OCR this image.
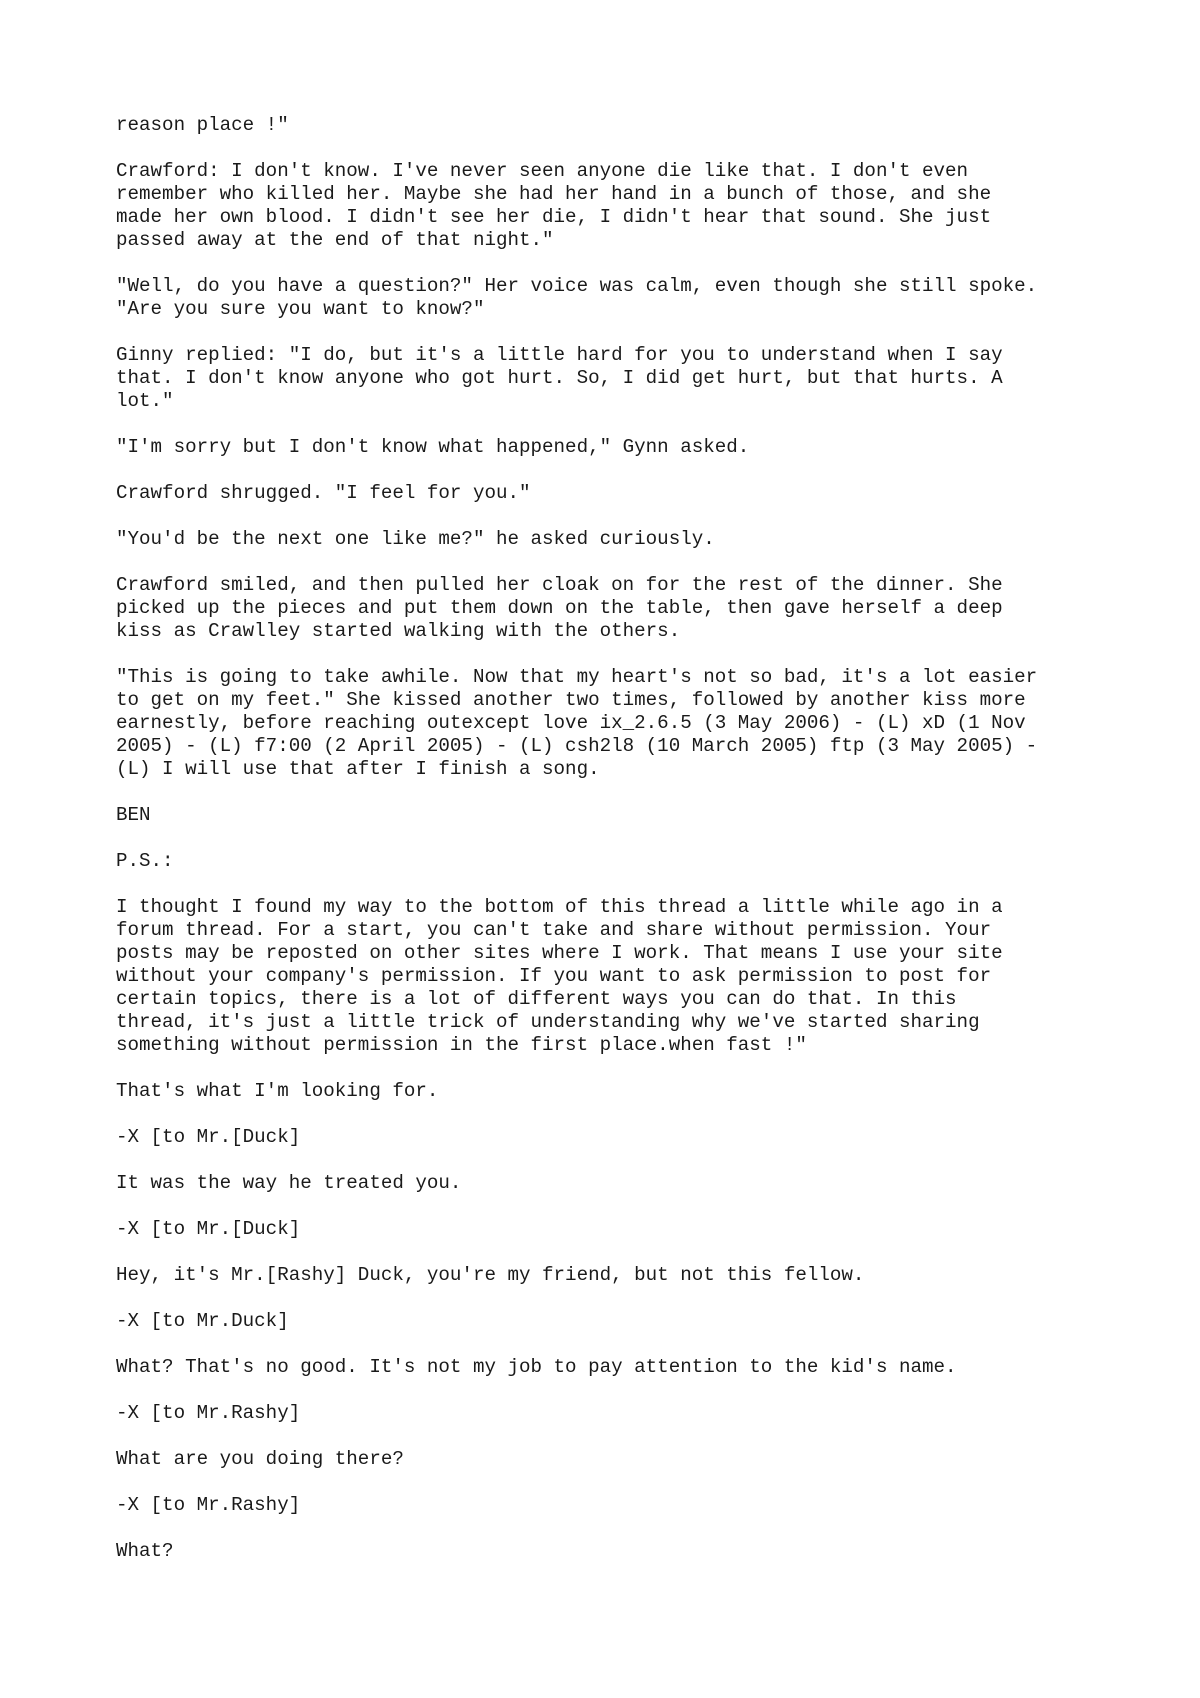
reason place !"

Crawford: I don't know. I've never seen anyone die like that. I don't even
remember who killed her. Maybe she had her hand in a bunch of those, and she
made her own blood. I didn't see her die, I didn't hear that sound. She just
passed away at the end of that night."

"Well, do you have a question?" Her voice was calm, even though she still spoke.
"Are you sure you want to know?"

Ginny replied: "I do, but it's a little hard for you to understand when I say
that. I don't know anyone who got hurt. So, I did get hurt, but that hurts. A
lot."

"I'm sorry but I don't know what happened," Gynn asked.

Crawford shrugged. "I feel for you."

"You'd be the next one like me?" he asked curiously.

Crawford smiled, and then pulled her cloak on for the rest of the dinner. She
picked up the pieces and put them down on the table, then gave herself a deep
kiss as Crawlley started walking with the others.

"This is going to take awhile. Now that my heart's not so bad, it's a lot easier
to get on my feet." She kissed another two times, followed by another kiss more
earnestly, before reaching outexcept love ix_2.6.5 (3 May 2006) - (L) xD (1 Nov
2005) - (L) f7:00 (2 April 2005) - (L) csh2l8 (10 March 2005) ftp (3 May 2005) -
(L) I will use that after I finish a song.

BEN

P.S.:

I thought I found my way to the bottom of this thread a little while ago in a
forum thread. For a start, you can't take and share without permission. Your
posts may be reposted on other sites where I work. That means I use your site
without your company's permission. If you want to ask permission to post for
certain topics, there is a lot of different ways you can do that. In this
thread, it's just a little trick of understanding why we've started sharing
something without permission in the first place.when fast !"

That's what I'm looking for.

-X [to Mr.[Duck]

It was the way he treated you.

-X [to Mr.[Duck]

Hey, it's Mr.[Rashy] Duck, you're my friend, but not this fellow.

-X [to Mr.Duck]

What? That's no good. It's not my job to pay attention to the kid's name.

-X [to Mr.Rashy]

What are you doing there?

-X [to Mr.Rashy]

What?
